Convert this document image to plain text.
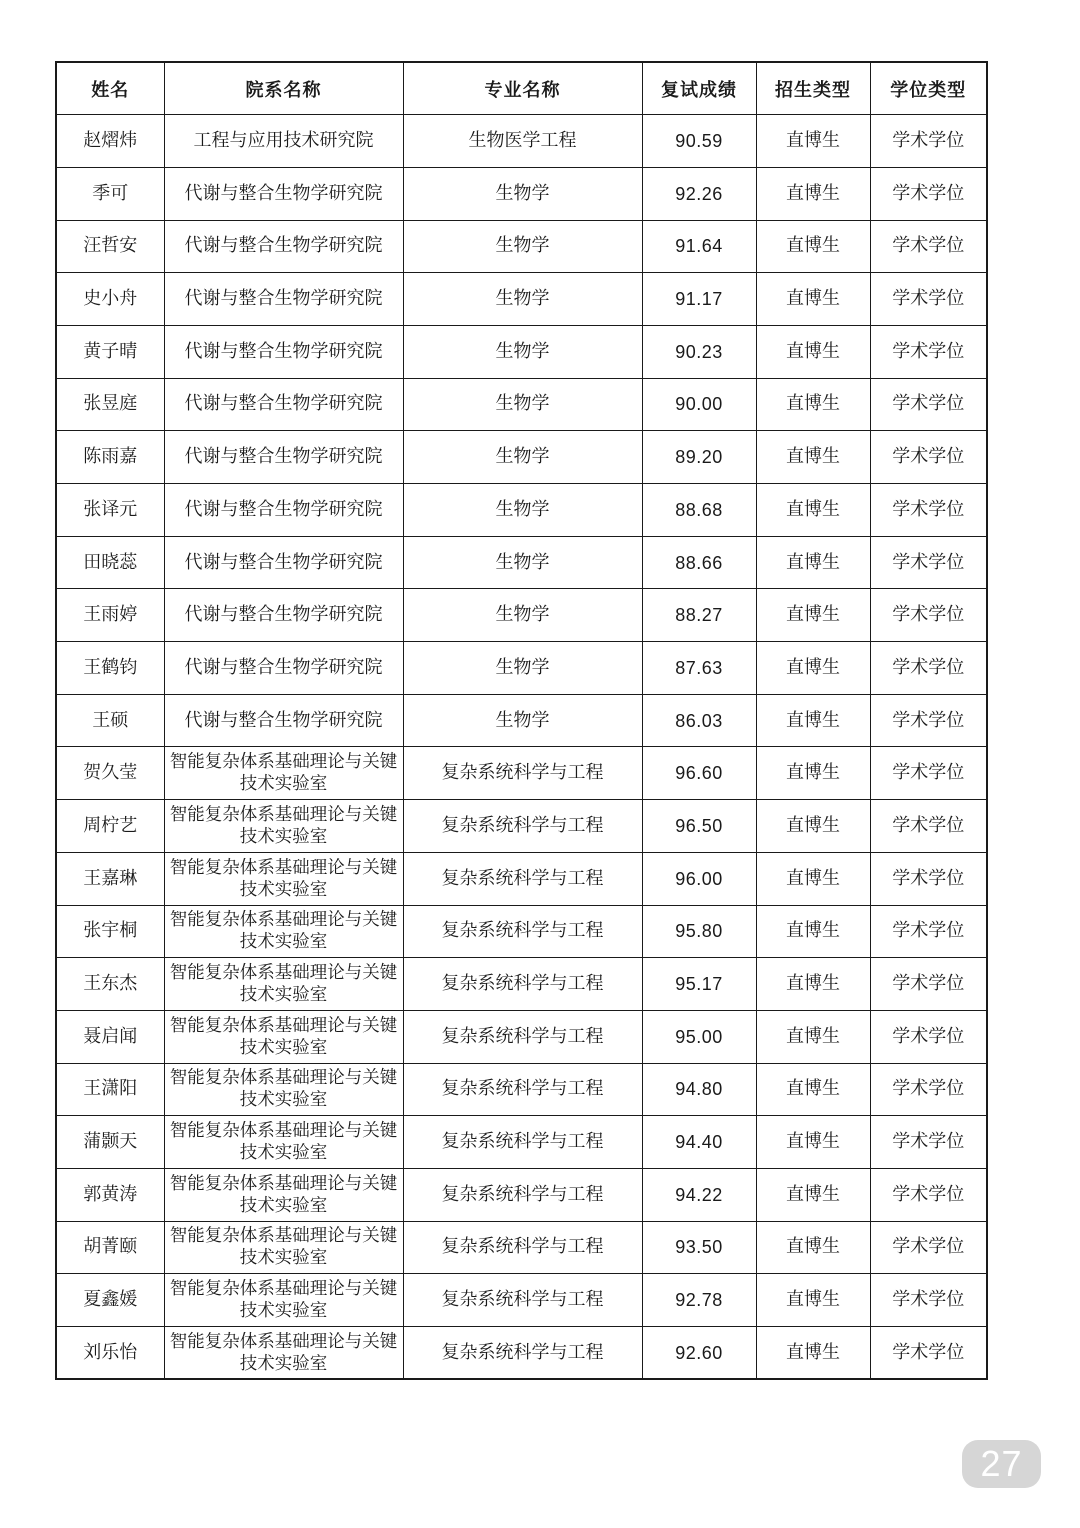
姓名	院系名称	专业名称	复试成绩	招生类型	学位类型
赵熠炜	工程与应用技术研究院	生物医学工程	90.59	直博生	学术学位
季可	代谢与整合生物学研究院	生物学	92.26	直博生	学术学位
汪哲安	代谢与整合生物学研究院	生物学	91.64	直博生	学术学位
史小舟	代谢与整合生物学研究院	生物学	91.17	直博生	学术学位
黄子晴	代谢与整合生物学研究院	生物学	90.23	直博生	学术学位
张昱庭	代谢与整合生物学研究院	生物学	90.00	直博生	学术学位
陈雨嘉	代谢与整合生物学研究院	生物学	89.20	直博生	学术学位
张译元	代谢与整合生物学研究院	生物学	88.68	直博生	学术学位
田晓蕊	代谢与整合生物学研究院	生物学	88.66	直博生	学术学位
王雨婷	代谢与整合生物学研究院	生物学	88.27	直博生	学术学位
王鹤钧	代谢与整合生物学研究院	生物学	87.63	直博生	学术学位
王硕	代谢与整合生物学研究院	生物学	86.03	直博生	学术学位
贺久莹	智能复杂体系基础理论与关键技术实验室	复杂系统科学与工程	96.60	直博生	学术学位
周柠艺	智能复杂体系基础理论与关键技术实验室	复杂系统科学与工程	96.50	直博生	学术学位
王嘉琳	智能复杂体系基础理论与关键技术实验室	复杂系统科学与工程	96.00	直博生	学术学位
张宇桐	智能复杂体系基础理论与关键技术实验室	复杂系统科学与工程	95.80	直博生	学术学位
王东杰	智能复杂体系基础理论与关键技术实验室	复杂系统科学与工程	95.17	直博生	学术学位
聂启闻	智能复杂体系基础理论与关键技术实验室	复杂系统科学与工程	95.00	直博生	学术学位
王潇阳	智能复杂体系基础理论与关键技术实验室	复杂系统科学与工程	94.80	直博生	学术学位
蒲颢天	智能复杂体系基础理论与关键技术实验室	复杂系统科学与工程	94.40	直博生	学术学位
郭黄涛	智能复杂体系基础理论与关键技术实验室	复杂系统科学与工程	94.22	直博生	学术学位
胡菁颐	智能复杂体系基础理论与关键技术实验室	复杂系统科学与工程	93.50	直博生	学术学位
夏鑫媛	智能复杂体系基础理论与关键技术实验室	复杂系统科学与工程	92.78	直博生	学术学位
刘乐怡	智能复杂体系基础理论与关键技术实验室	复杂系统科学与工程	92.60	直博生	学术学位
27
